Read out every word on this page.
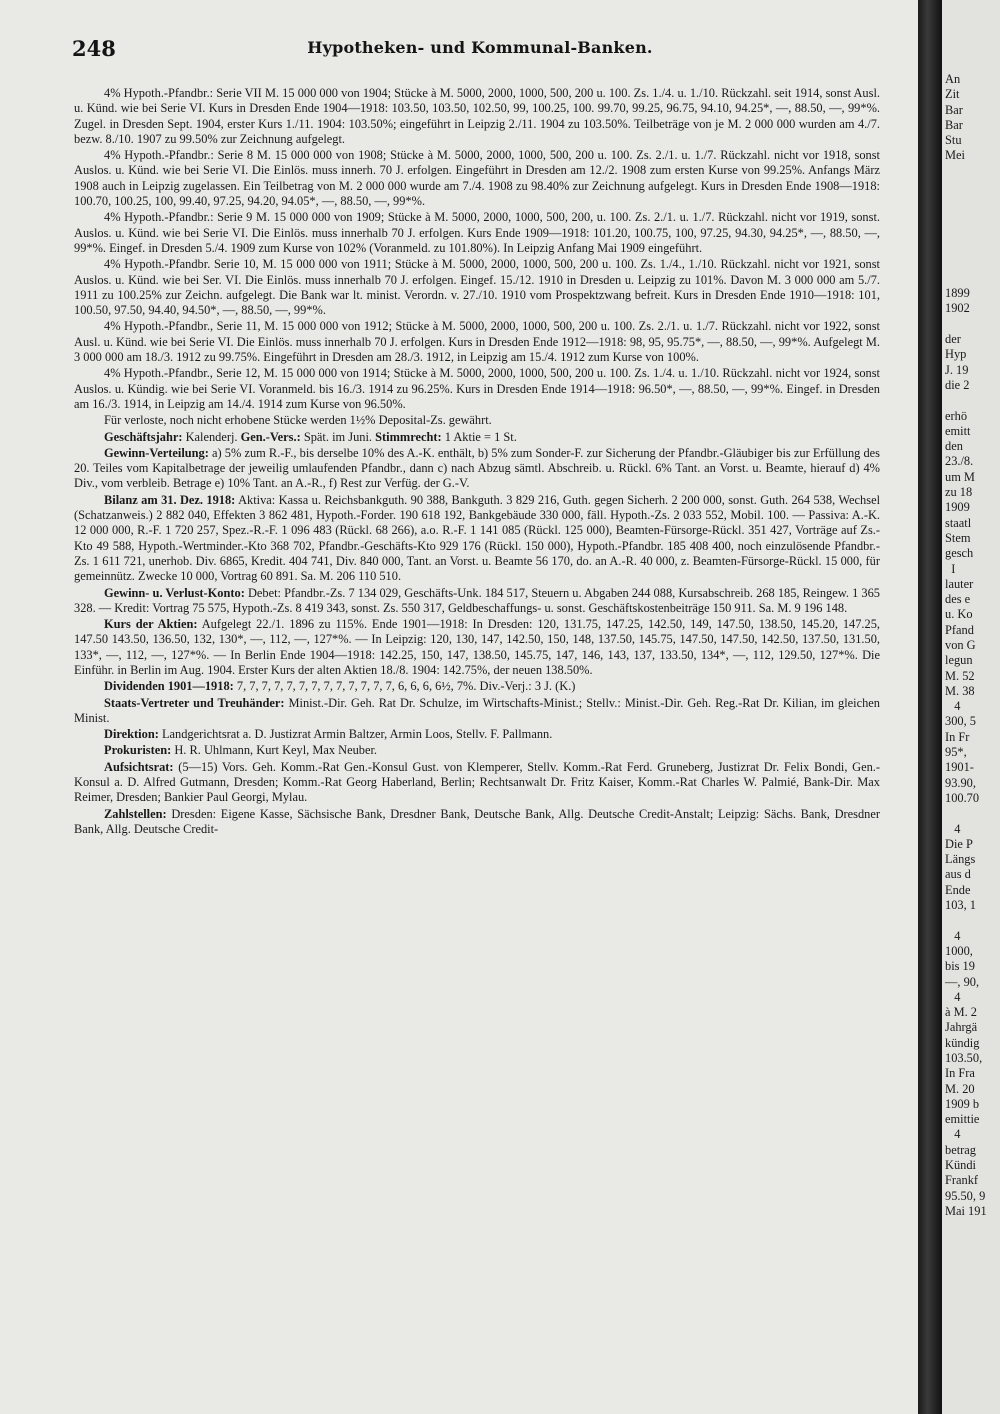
248	Hypotheken- und Kommunal-Banken.

4% Hypoth.-Pfandbr.: Serie VII M. 15 000 000 von 1904; Stücke à M. 5000, 2000, 1000, 500, 200 u. 100. Zs. 1./4. u. 1./10. Rückzahl. seit 1914, sonst Ausl. u. Künd. wie bei Serie VI. Kurs in Dresden Ende 1904—1918: 103.50, 103.50, 102.50, 99, 100.25, 100. 99.70, 99.25, 96.75, 94.10, 94.25*, —, 88.50, —, 99*%. Zugel. in Dresden Sept. 1904, erster Kurs 1./11. 1904: 103.50%; eingeführt in Leipzig 2./11. 1904 zu 103.50%. Teilbeträge von je M. 2 000 000 wurden am 4./7. bezw. 8./10. 1907 zu 99.50% zur Zeichnung aufgelegt.

4% Hypoth.-Pfandbr.: Serie 8 M. 15 000 000 von 1908; Stücke à M. 5000, 2000, 1000, 500, 200 u. 100. Zs. 2./1. u. 1./7. Rückzahl. nicht vor 1918, sonst Auslos. u. Künd. wie bei Serie VI. Die Einlös. muss innerh. 70 J. erfolgen. Eingeführt in Dresden am 12./2. 1908 zum ersten Kurse von 99.25%. Anfangs März 1908 auch in Leipzig zugelassen. Ein Teilbetrag von M. 2 000 000 wurde am 7./4. 1908 zu 98.40% zur Zeichnung aufgelegt. Kurs in Dresden Ende 1908—1918: 100.70, 100.25, 100, 99.40, 97.25, 94.20, 94.05*, —, 88.50, —, 99*%.

4% Hypoth.-Pfandbr.: Serie 9 M. 15 000 000 von 1909; Stücke à M. 5000, 2000, 1000, 500, 200, u. 100. Zs. 2./1. u. 1./7. Rückzahl. nicht vor 1919, sonst. Auslos. u. Künd. wie bei Serie VI. Die Einlös. muss innerhalb 70 J. erfolgen. Kurs Ende 1909—1918: 101.20, 100.75, 100, 97.25, 94.30, 94.25*, —, 88.50, —, 99*%. Eingef. in Dresden 5./4. 1909 zum Kurse von 102% (Voranmeld. zu 101.80%). In Leipzig Anfang Mai 1909 eingeführt.

4% Hypoth.-Pfandbr. Serie 10, M. 15 000 000 von 1911; Stücke à M. 5000, 2000, 1000, 500, 200 u. 100. Zs. 1./4., 1./10. Rückzahl. nicht vor 1921, sonst Auslos. u. Künd. wie bei Ser. VI. Die Einlös. muss innerhalb 70 J. erfolgen. Eingef. 15./12. 1910 in Dresden u. Leipzig zu 101%. Davon M. 3 000 000 am 5./7. 1911 zu 100.25% zur Zeichn. aufgelegt. Die Bank war lt. minist. Verordn. v. 27./10. 1910 vom Prospektzwang befreit. Kurs in Dresden Ende 1910—1918: 101, 100.50, 97.50, 94.40, 94.50*, —, 88.50, —, 99*%.

4% Hypoth.-Pfandbr., Serie 11, M. 15 000 000 von 1912; Stücke à M. 5000, 2000, 1000, 500, 200 u. 100. Zs. 2./1. u. 1./7. Rückzahl. nicht vor 1922, sonst Ausl. u. Künd. wie bei Serie VI. Die Einlös. muss innerhalb 70 J. erfolgen. Kurs in Dresden Ende 1912—1918: 98, 95, 95.75*, —, 88.50, —, 99*%. Aufgelegt M. 3 000 000 am 18./3. 1912 zu 99.75%. Eingeführt in Dresden am 28./3. 1912, in Leipzig am 15./4. 1912 zum Kurse von 100%.

4% Hypoth.-Pfandbr., Serie 12, M. 15 000 000 von 1914; Stücke à M. 5000, 2000, 1000, 500, 200 u. 100. Zs. 1./4. u. 1./10. Rückzahl. nicht vor 1924, sonst Auslos. u. Kündig. wie bei Serie VI. Voranmeld. bis 16./3. 1914 zu 96.25%. Kurs in Dresden Ende 1914—1918: 96.50*, —, 88.50, —, 99*%. Eingef. in Dresden am 16./3. 1914, in Leipzig am 14./4. 1914 zum Kurse von 96.50%.

Für verloste, noch nicht erhobene Stücke werden 1½% Deposital-Zs. gewährt.

Geschäftsjahr: Kalenderj. Gen.-Vers.: Spät. im Juni. Stimmrecht: 1 Aktie = 1 St.

Gewinn-Verteilung: a) 5% zum R.-F., bis derselbe 10% des A.-K. enthält, b) 5% zum Sonder-F. zur Sicherung der Pfandbr.-Gläubiger bis zur Erfüllung des 20. Teiles vom Kapitalbetrage der jeweilig umlaufenden Pfandbr., dann c) nach Abzug sämtl. Abschreib. u. Rückl. 6% Tant. an Vorst. u. Beamte, hierauf d) 4% Div., vom verbleib. Betrage e) 10% Tant. an A.-R., f) Rest zur Verfüg. der G.-V.

Bilanz am 31. Dez. 1918: Aktiva: Kassa u. Reichsbankguth. 90 388, Bankguth. 3 829 216, Guth. gegen Sicherh. 2 200 000, sonst. Guth. 264 538, Wechsel (Schatzanweis.) 2 882 040, Effekten 3 862 481, Hypoth.-Forder. 190 618 192, Bankgebäude 330 000, fäll. Hypoth.-Zs. 2 033 552, Mobil. 100. — Passiva: A.-K. 12 000 000, R.-F. 1 720 257, Spez.-R.-F. 1 096 483 (Rückl. 68 266), a.o. R.-F. 1 141 085 (Rückl. 125 000), Beamten-Fürsorge-Rückl. 351 427, Vorträge auf Zs.-Kto 49 588, Hypoth.-Wertminder.-Kto 368 702, Pfandbr.-Geschäfts-Kto 929 176 (Rückl. 150 000), Hypoth.-Pfandbr. 185 408 400, noch einzulösende Pfandbr.-Zs. 1 611 721, unerhob. Div. 6865, Kredit. 404 741, Div. 840 000, Tant. an Vorst. u. Beamte 56 170, do. an A.-R. 40 000, z. Beamten-Fürsorge-Rückl. 15 000, für gemeinnütz. Zwecke 10 000, Vortrag 60 891. Sa. M. 206 110 510.

Gewinn- u. Verlust-Konto: Debet: Pfandbr.-Zs. 7 134 029, Geschäfts-Unk. 184 517, Steuern u. Abgaben 244 088, Kursabschreib. 268 185, Reingew. 1 365 328. — Kredit: Vortrag 75 575, Hypoth.-Zs. 8 419 343, sonst. Zs. 550 317, Geldbeschaffungs- u. sonst. Geschäftskostenbeiträge 150 911. Sa. M. 9 196 148.

Kurs der Aktien: Aufgelegt 22./1. 1896 zu 115%. Ende 1901—1918: In Dresden: 120, 131.75, 147.25, 142.50, 149, 147.50, 138.50, 145.20, 147.25, 147.50 143.50, 136.50, 132, 130*, —, 112, —, 127*%. — In Leipzig: 120, 130, 147, 142.50, 150, 148, 137.50, 145.75, 147.50, 147.50, 142.50, 137.50, 131.50, 133*, —, 112, —, 127*%. — In Berlin Ende 1904—1918: 142.25, 150, 147, 138.50, 145.75, 147, 146, 143, 137, 133.50, 134*, —, 112, 129.50, 127*%. Die Einführ. in Berlin im Aug. 1904. Erster Kurs der alten Aktien 18./8. 1904: 142.75%, der neuen 138.50%.

Dividenden 1901—1918: 7, 7, 7, 7, 7, 7, 7, 7, 7, 7, 7, 7, 7, 6, 6, 6, 6½, 7%. Div.-Verj.: 3 J. (K.)

Staats-Vertreter und Treuhänder: Minist.-Dir. Geh. Rat Dr. Schulze, im Wirtschafts-Minist.; Stellv.: Minist.-Dir. Geh. Reg.-Rat Dr. Kilian, im gleichen Minist.

Direktion: Landgerichtsrat a. D. Justizrat Armin Baltzer, Armin Loos, Stellv. F. Pallmann.

Prokuristen: H. R. Uhlmann, Kurt Keyl, Max Neuber.

Aufsichtsrat: (5—15) Vors. Geh. Komm.-Rat Gen.-Konsul Gust. von Klemperer, Stellv. Komm.-Rat Ferd. Gruneberg, Justizrat Dr. Felix Bondi, Gen.-Konsul a. D. Alfred Gutmann, Dresden; Komm.-Rat Georg Haberland, Berlin; Rechtsanwalt Dr. Fritz Kaiser, Komm.-Rat Charles W. Palmié, Bank-Dir. Max Reimer, Dresden; Bankier Paul Georgi, Mylau.

Zahlstellen: Dresden: Eigene Kasse, Sächsische Bank, Dresdner Bank, Deutsche Bank, Allg. Deutsche Credit-Anstalt; Leipzig: Sächs. Bank, Dresdner Bank, Allg. Deutsche Credit-

An
Zit
Bar
Bar
Stu
Mei

1899
1902

der
Hyp
J. 19
die 2

erhö
emitt
den
23./8.
um M
zu 18
1909
staatl
Stem
gesch
I
lauter
des e
u. Ko
Pfand
von G
legun
M. 52
M. 38
4
300, 5
In Fr
95*,
1901-
93.90,
100.70

4
Die P
Längs
aus d
Ende
103, 1

4
1000,
bis 19
—, 90,
4
à M. 2
Jahrgä
kündig
103.50,
In Fra
M. 20
1909 b
emittie
4
betrag
Kündi
Frankf
95.50, 9
Mai 191
